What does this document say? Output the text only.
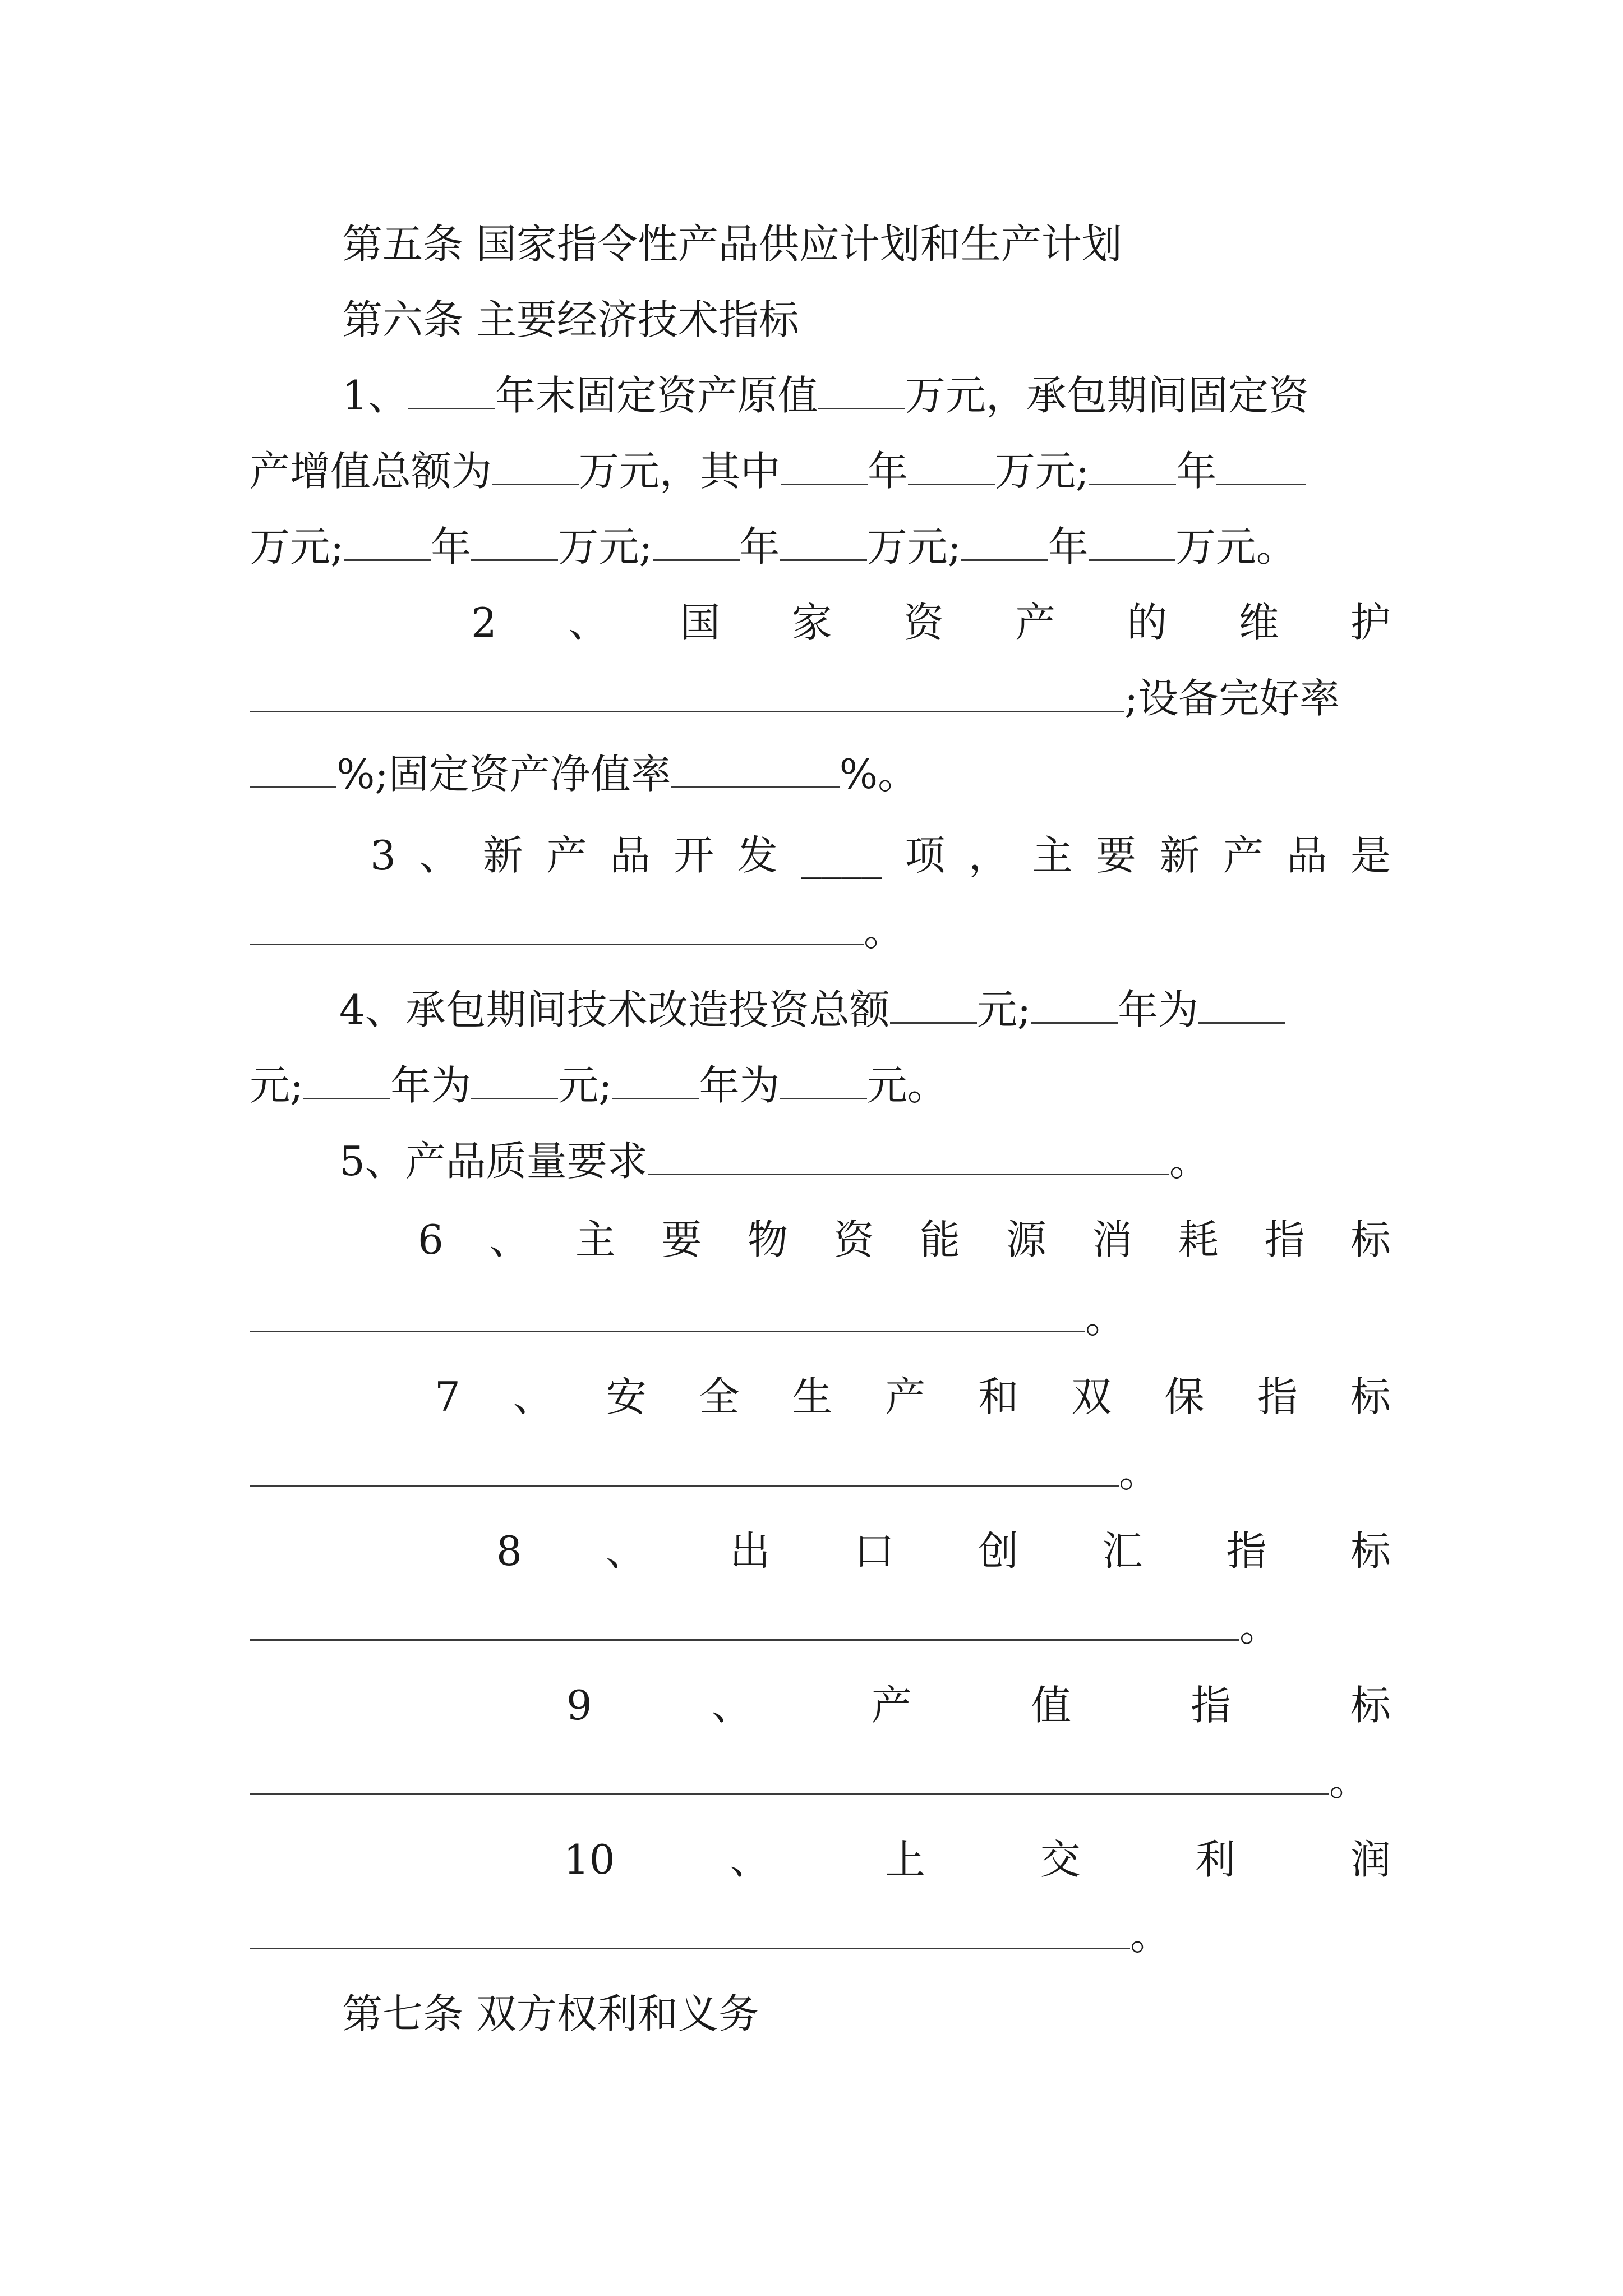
第五条 国家指令性产品供应计划和生产计划
第六条 主要经济技术指标
1、 年末固定资产原值 万元，承包期间固定资
产增值总额为 万元，其中 年 万元; 年
万元; 年 万元; 年 万元; 年 万元。
2 、 国 家 资 产 的 维 护
;设备完好率
%;固定资产净值率	%。
3 、 新 产 品 开 发 ____ 项 ， 主 要 新 产 品 是
。
4、承包期间技术改造投资总额 元; 年为
元; 年为 元; 年为 元。
5、产品质量要求	。
6 、 主 要 物 资 能 源 消 耗 指 标
。
7 、 安 全 生 产 和 双 保 指 标
。
8 、 出 口 创 汇 指 标
。
9	、	产	值	指	标
。
10	、	上	交	利	润
。
第七条 双方权利和义务
